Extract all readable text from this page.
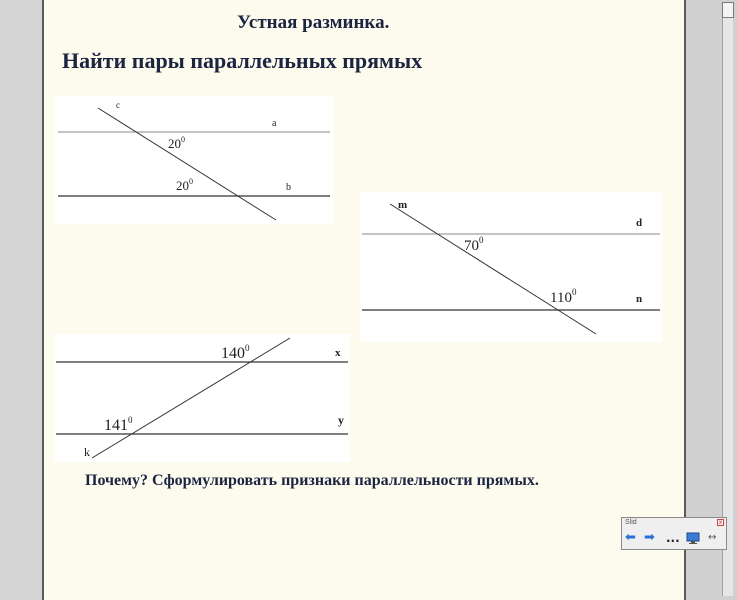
Устная разминка.
Найти пары параллельных прямых
c
a
b
$20^0$
$20^0$
m
d
n
$70^0$
$110^0$
k
x
y
$140^0$
$141^0$

Почему? Сформулировать признаки параллельности прямых.

Slid	x
⬅ ➡ ...	↔
